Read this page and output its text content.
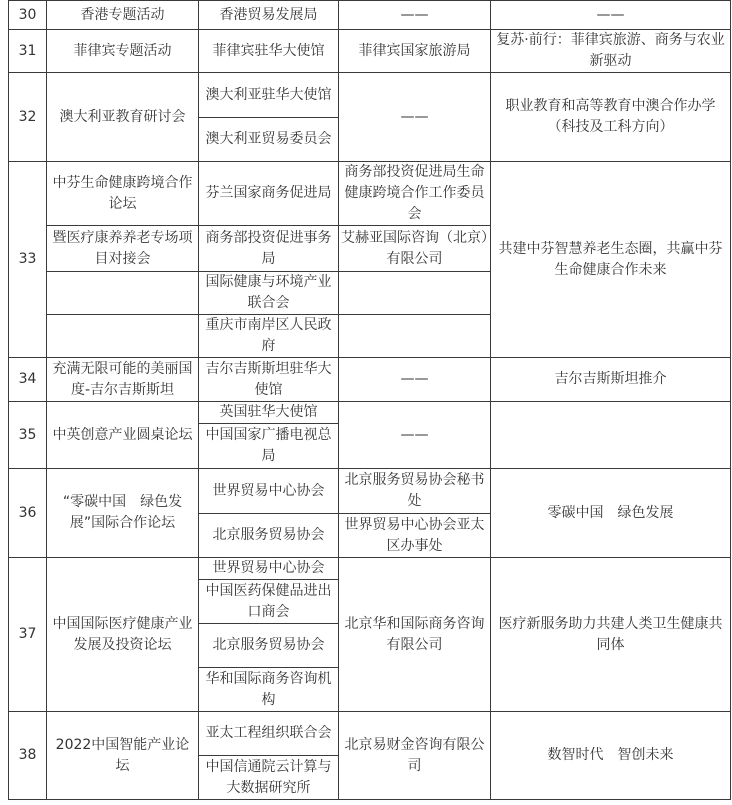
30	香港专题活动	香港贸易发展局	——	——
31	菲律宾专题活动	菲律宾驻华大使馆	菲律宾国家旅游局	复苏·前行：菲律宾旅游、商务与农业新驱动
32	澳大利亚教育研讨会	澳大利亚驻华大使馆	——	职业教育和高等教育中澳合作办学（科技及工科方向）
		澳大利亚贸易委员会		
33	中芬生命健康跨境合作论坛	芬兰国家商务促进局	商务部投资促进局生命健康跨境合作工作委员会	共建中芬智慧养老生态圈，共赢中芬生命健康合作未来
	暨医疗康养养老专场项目对接会	商务部投资促进事务局	艾赫亚国际咨询（北京）有限公司	
		国际健康与环境产业联合会		
		重庆市南岸区人民政府		
34	充满无限可能的美丽国度-吉尔吉斯斯坦	吉尔吉斯斯坦驻华大使馆	——	吉尔吉斯斯坦推介
35	中英创意产业圆桌论坛	英国驻华大使馆	——	
		中国国家广播电视总局		
36	“零碳中国　绿色发展”国际合作论坛	世界贸易中心协会	北京服务贸易协会秘书处	零碳中国　绿色发展
		北京服务贸易协会	世界贸易中心协会亚太区办事处	
37	中国国际医疗健康产业发展及投资论坛	世界贸易中心协会	北京华和国际商务咨询有限公司	医疗新服务助力共建人类卫生健康共同体
		中国医药保健品进出口商会		
		北京服务贸易协会		
		华和国际商务咨询机构		
38	2022中国智能产业论坛	亚太工程组织联合会	北京易财金咨询有限公司	数智时代　智创未来
		中国信通院云计算与大数据研究所		
